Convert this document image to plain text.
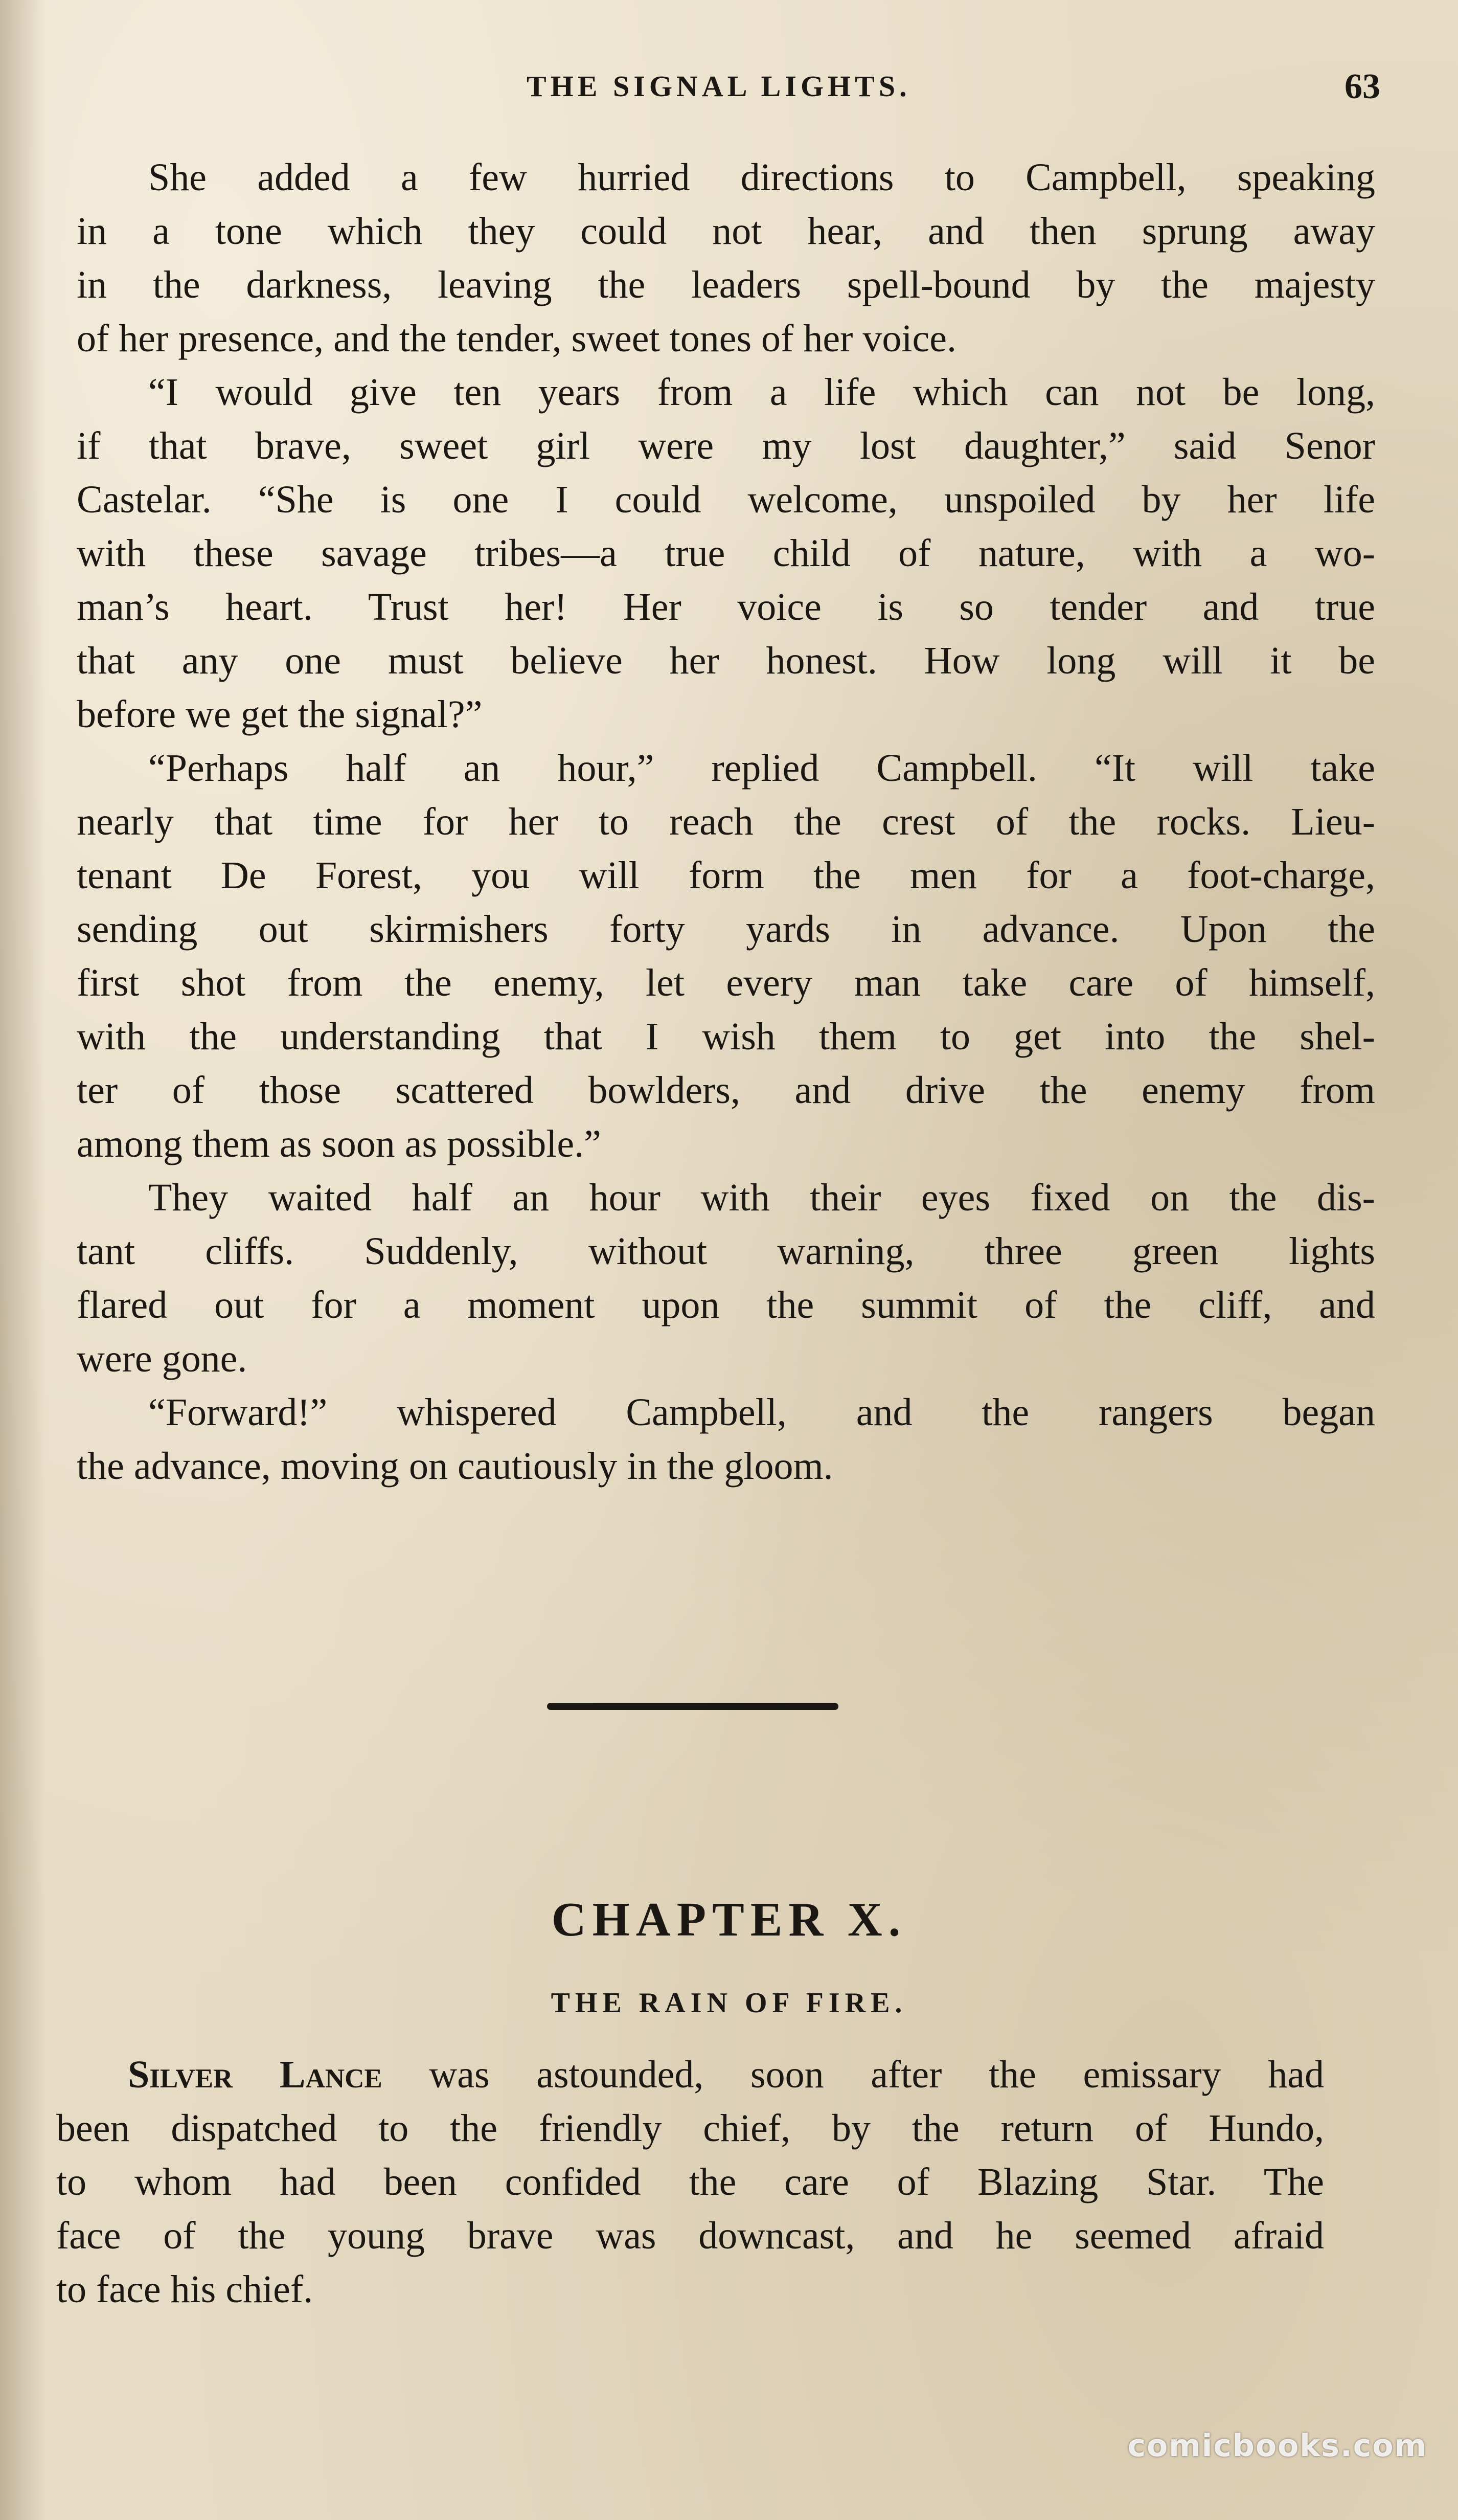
THE SIGNAL LIGHTS.	63
She added a few hurried directions to Campbell, speaking
in a tone which they could not hear, and then sprung away
in the darkness, leaving the leaders spell-bound by the majesty
of her presence, and the tender, sweet tones of her voice.
“I would give ten years from a life which can not be long,
if that brave, sweet girl were my lost daughter,” said Senor
Castelar. “She is one I could welcome, unspoiled by her life
with these savage tribes—a true child of nature, with a wo-
man’s heart. Trust her! Her voice is so tender and true
that any one must believe her honest. How long will it be
before we get the signal?”
“Perhaps half an hour,” replied Campbell. “It will take
nearly that time for her to reach the crest of the rocks. Lieu-
tenant De Forest, you will form the men for a foot-charge,
sending out skirmishers forty yards in advance. Upon the
first shot from the enemy, let every man take care of himself,
with the understanding that I wish them to get into the shel-
ter of those scattered bowlders, and drive the enemy from
among them as soon as possible.”
They waited half an hour with their eyes fixed on the dis-
tant cliffs. Suddenly, without warning, three green lights
flared out for a moment upon the summit of the cliff, and
were gone.
“Forward!” whispered Campbell, and the rangers began
the advance, moving on cautiously in the gloom.
CHAPTER X.
THE RAIN OF FIRE.
Silver Lance was astounded, soon after the emissary had
been dispatched to the friendly chief, by the return of Hundo,
to whom had been confided the care of Blazing Star. The
face of the young brave was downcast, and he seemed afraid
to face his chief.
comicbooks.com
